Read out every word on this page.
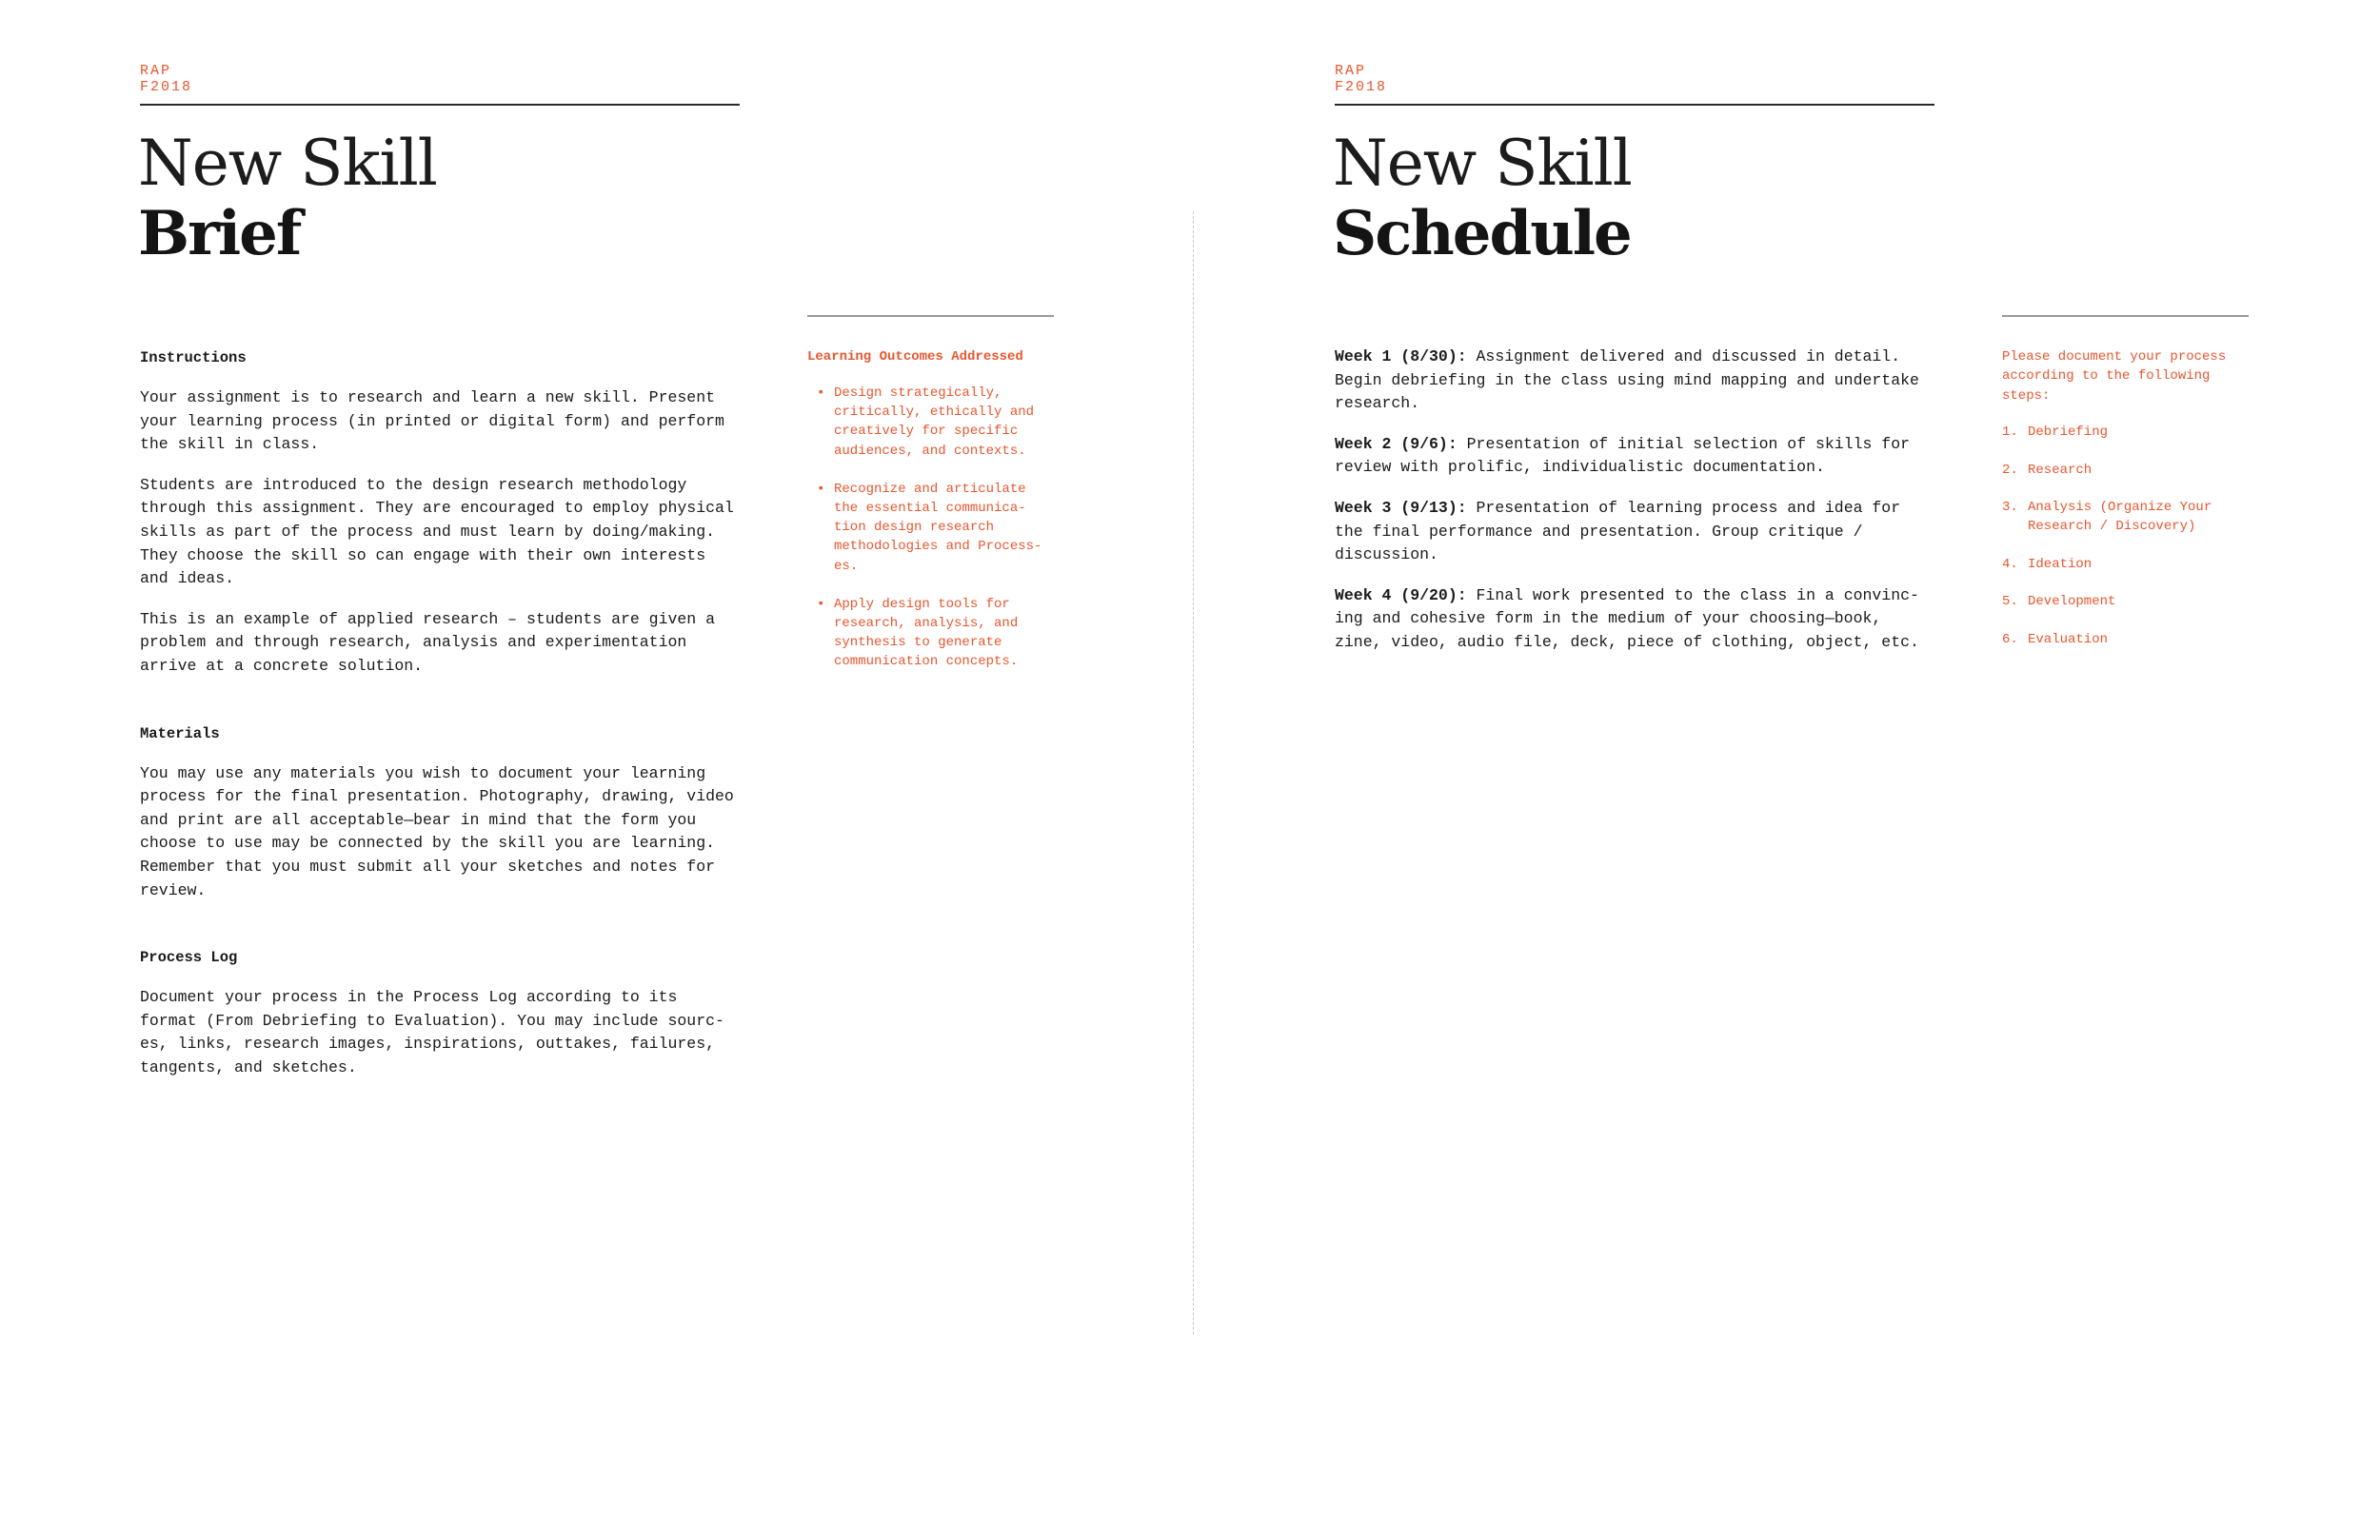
RAP F2018
New Skill
Brief

Instructions

Your assignment is to research and learn a new skill. Present
your learning process (in printed or digital form) and perform
the skill in class.

Students are introduced to the design research methodology
through this assignment. They are encouraged to employ physical
skills as part of the process and must learn by doing/making.
They choose the skill so can engage with their own interests
and ideas.

This is an example of applied research – students are given a
problem and through research, analysis and experimentation
arrive at a concrete solution.

Materials

You may use any materials you wish to document your learning
process for the final presentation. Photography, drawing, video
and print are all acceptable—bear in mind that the form you
choose to use may be connected by the skill you are learning.
Remember that you must submit all your sketches and notes for
review.

Process Log

Document your process in the Process Log according to its
format (From Debriefing to Evaluation). You may include sourc-
es, links, research images, inspirations, outtakes, failures,
tangents, and sketches.

Learning Outcomes Addressed

• Design strategically,
critically, ethically and
creatively for specific
audiences, and contexts.
• Recognize and articulate
the essential communica-
tion design research
methodologies and Process-
es.
• Apply design tools for
research, analysis, and
synthesis to generate
communication concepts.
RAP F2018
New Skill
Schedule

Week 1 (8/30): Assignment delivered and discussed in detail.
Begin debriefing in the class using mind mapping and undertake
research.

Week 2 (9/6): Presentation of initial selection of skills for
review with prolific, individualistic documentation.

Week 3 (9/13): Presentation of learning process and idea for
the final performance and presentation. Group critique /
discussion.

Week 4 (9/20): Final work presented to the class in a convinc-
ing and cohesive form in the medium of your choosing—book,
zine, video, audio file, deck, piece of clothing, object, etc.

Please document your process
according to the following
steps:

1. Debriefing
2. Research
3. Analysis (Organize Your
Research / Discovery)
4. Ideation
5. Development
6. Evaluation
